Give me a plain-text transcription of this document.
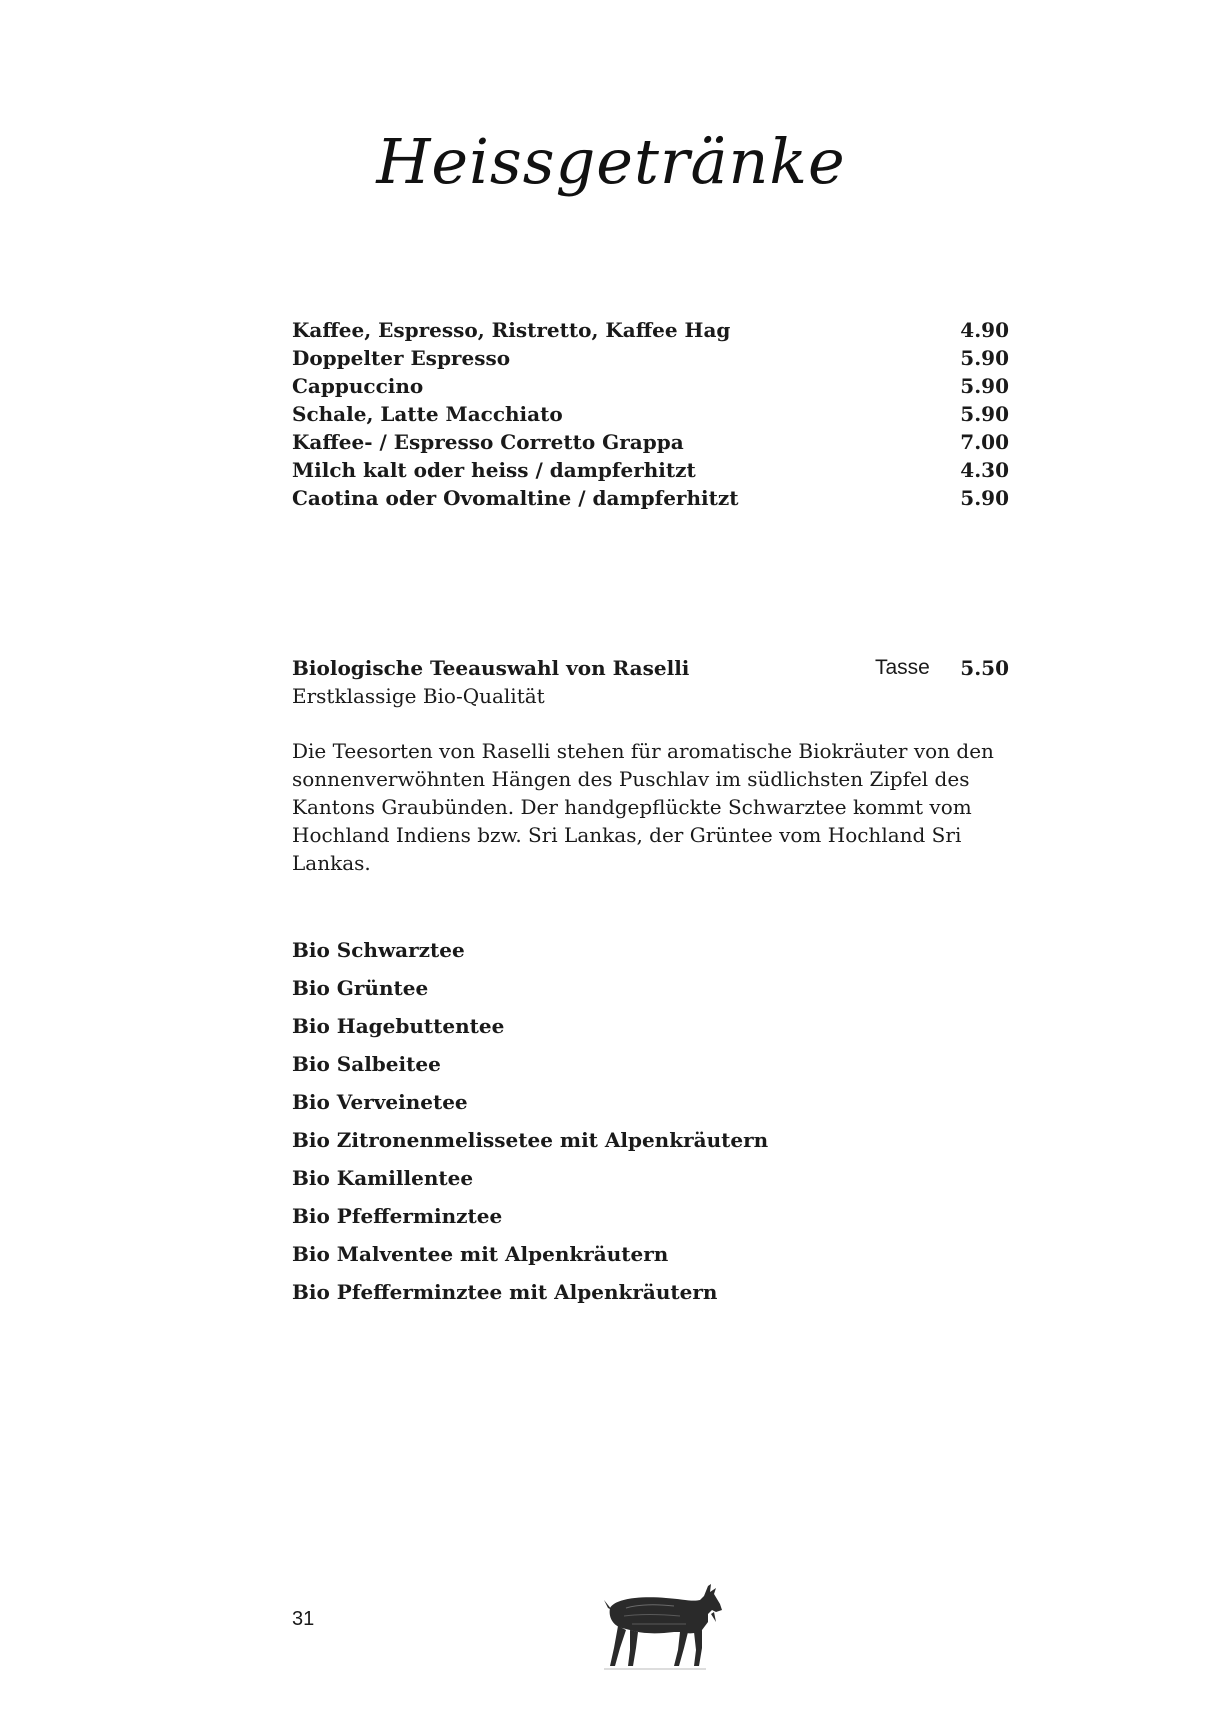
Heissgetränke
Kaffee, Espresso, Ristretto, Kaffee Hag	4.90
Doppelter Espresso	5.90
Cappuccino	5.90
Schale, Latte Macchiato	5.90
Kaffee- / Espresso Corretto Grappa	7.00
Milch kalt oder heiss / dampferhitzt	4.30
Caotina oder Ovomaltine / dampferhitzt	5.90
Biologische Teeauswahl von Raselli	Tasse 5.50
Erstklassige Bio-Qualität

Die Teesorten von Raselli stehen für aromatische Biokräuter von den sonnenverwöhnten Hängen des Puschlav im südlichsten Zipfel des Kantons Graubünden. Der handgepflückte Schwarztee kommt vom Hochland Indiens bzw. Sri Lankas, der Grüntee vom Hochland Sri Lankas.

Bio Schwarztee
Bio Grüntee
Bio Hagebuttentee
Bio Salbeitee
Bio Verveinetee
Bio Zitronenmelissetee mit Alpenkräutern
Bio Kamillentee
Bio Pfefferminztee
Bio Malventee mit Alpenkräutern
Bio Pfefferminztee mit Alpenkräutern
31
